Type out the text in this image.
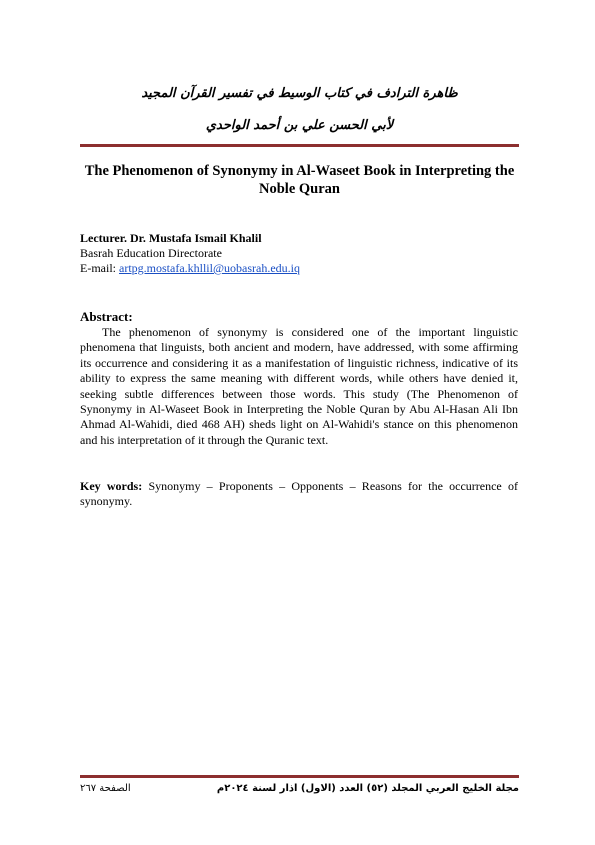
ظاهرة الترادف في كتاب الوسيط في تفسير القرآن المجيد
لأبي الحسن علي بن أحمد الواحدي
The Phenomenon of Synonymy in Al-Waseet Book in Interpreting the Noble Quran
Lecturer. Dr. Mustafa Ismail Khalil
Basrah Education Directorate
E-mail: artpg.mostafa.khllil@uobasrah.edu.iq
Abstract:

The phenomenon of synonymy is considered one of the important linguistic phenomena that linguists, both ancient and modern, have addressed, with some affirming its occurrence and considering it as a manifestation of linguistic richness, indicative of its ability to express the same meaning with different words, while others have denied it, seeking subtle differences between those words. This study (The Phenomenon of Synonymy in Al-Waseet Book in Interpreting the Noble Quran by Abu Al-Hasan Ali Ibn Ahmad Al-Wahidi, died 468 AH) sheds light on Al-Wahidi's stance on this phenomenon and his interpretation of it through the Quranic text.

Key words: Synonymy – Proponents – Opponents – Reasons for the occurrence of synonymy.

مجلة الخليج العربي المجلد (٥٢) العدد (الاول) اذار لسنة ٢٠٢٤م
الصفحة ٢٦٧
